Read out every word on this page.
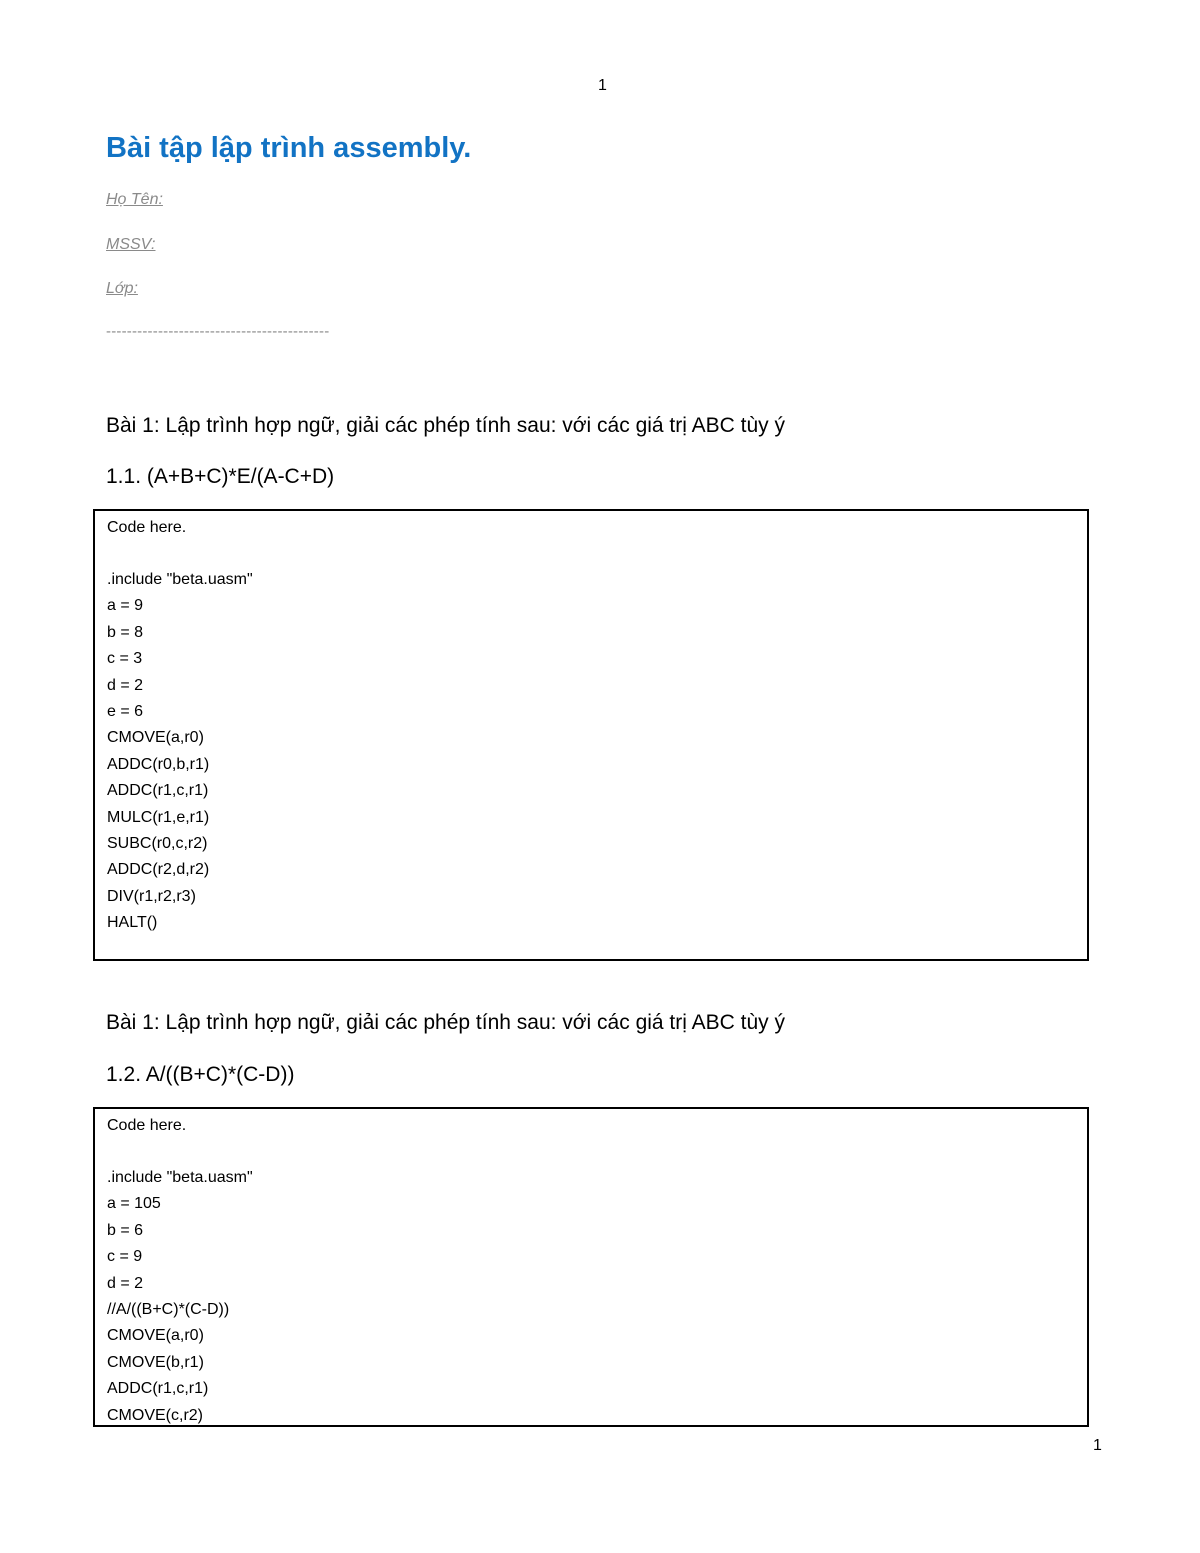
1
Bài tập lập trình assembly.
Họ Tên:
MSSV:
Lớp:
-------------------------------------------
Bài 1: Lập trình hợp ngữ, giải các phép tính sau: với các giá trị ABC tùy ý
1.1. (A+B+C)*E/(A-C+D)
Code here.
.include "beta.uasm"
a = 9
b = 8
c = 3
d = 2
e = 6
CMOVE(a,r0)
ADDC(r0,b,r1)
ADDC(r1,c,r1)
MULC(r1,e,r1)
SUBC(r0,c,r2)
ADDC(r2,d,r2)
DIV(r1,r2,r3)
HALT()
Bài 1: Lập trình hợp ngữ, giải các phép tính sau: với các giá trị ABC tùy ý
1.2. A/((B+C)*(C-D))
Code here.
.include "beta.uasm"
a = 105
b = 6
c = 9
d = 2
//A/((B+C)*(C-D))
CMOVE(a,r0)
CMOVE(b,r1)
ADDC(r1,c,r1)
CMOVE(c,r2)
1
